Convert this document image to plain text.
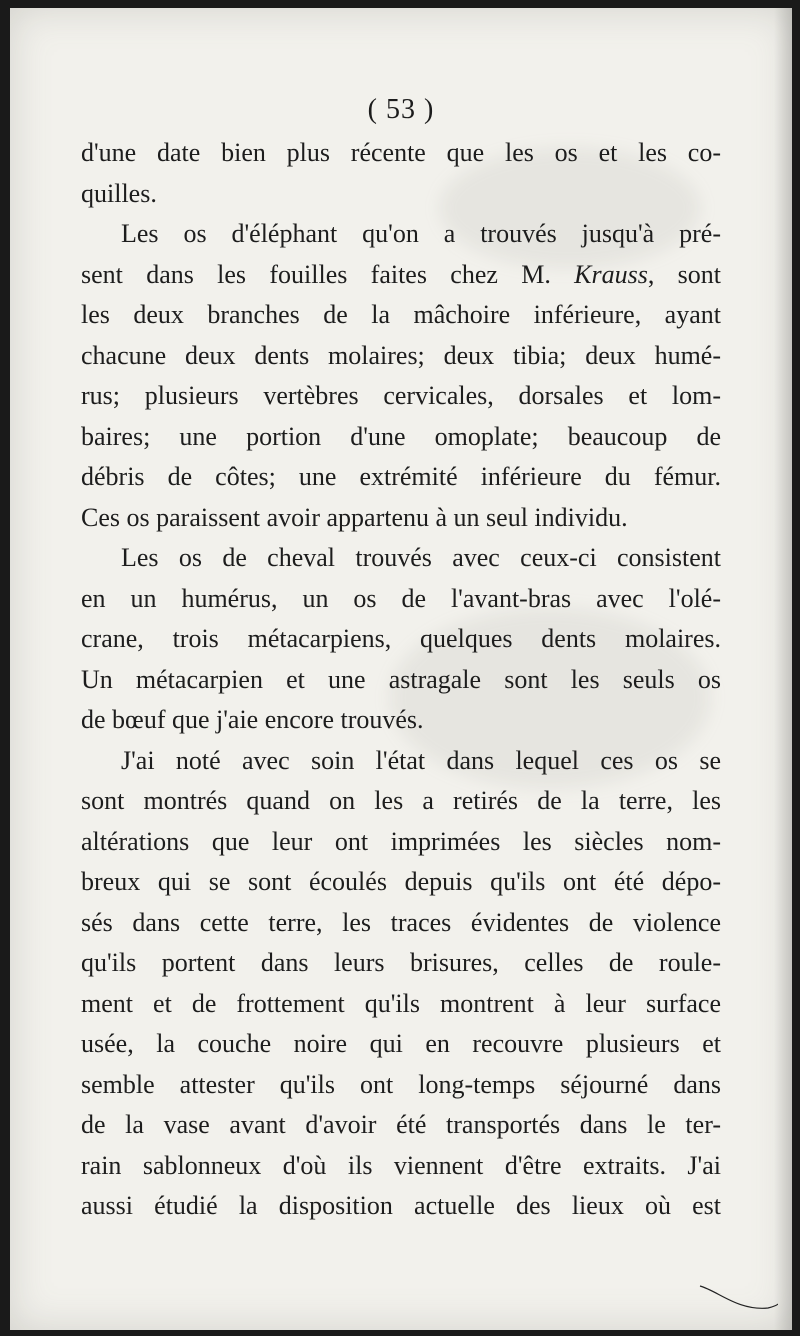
( 53 )
d'une date bien plus récente que les os et les co-
quilles.
Les os d'éléphant qu'on a trouvés jusqu'à pré-
sent dans les fouilles faites chez M. Krauss, sont
les deux branches de la mâchoire inférieure, ayant
chacune deux dents molaires; deux tibia; deux humé-
rus; plusieurs vertèbres cervicales, dorsales et lom-
baires; une portion d'une omoplate; beaucoup de
débris de côtes; une extrémité inférieure du fémur.
Ces os paraissent avoir appartenu à un seul individu.
Les os de cheval trouvés avec ceux-ci consistent
en un humérus, un os de l'avant-bras avec l'olé-
crane, trois métacarpiens, quelques dents molaires.
Un métacarpien et une astragale sont les seuls os
de bœuf que j'aie encore trouvés.
J'ai noté avec soin l'état dans lequel ces os se
sont montrés quand on les a retirés de la terre, les
altérations que leur ont imprimées les siècles nom-
breux qui se sont écoulés depuis qu'ils ont été dépo-
sés dans cette terre, les traces évidentes de violence
qu'ils portent dans leurs brisures, celles de roule-
ment et de frottement qu'ils montrent à leur surface
usée, la couche noire qui en recouvre plusieurs et
semble attester qu'ils ont long-temps séjourné dans
de la vase avant d'avoir été transportés dans le ter-
rain sablonneux d'où ils viennent d'être extraits. J'ai
aussi étudié la disposition actuelle des lieux où est
